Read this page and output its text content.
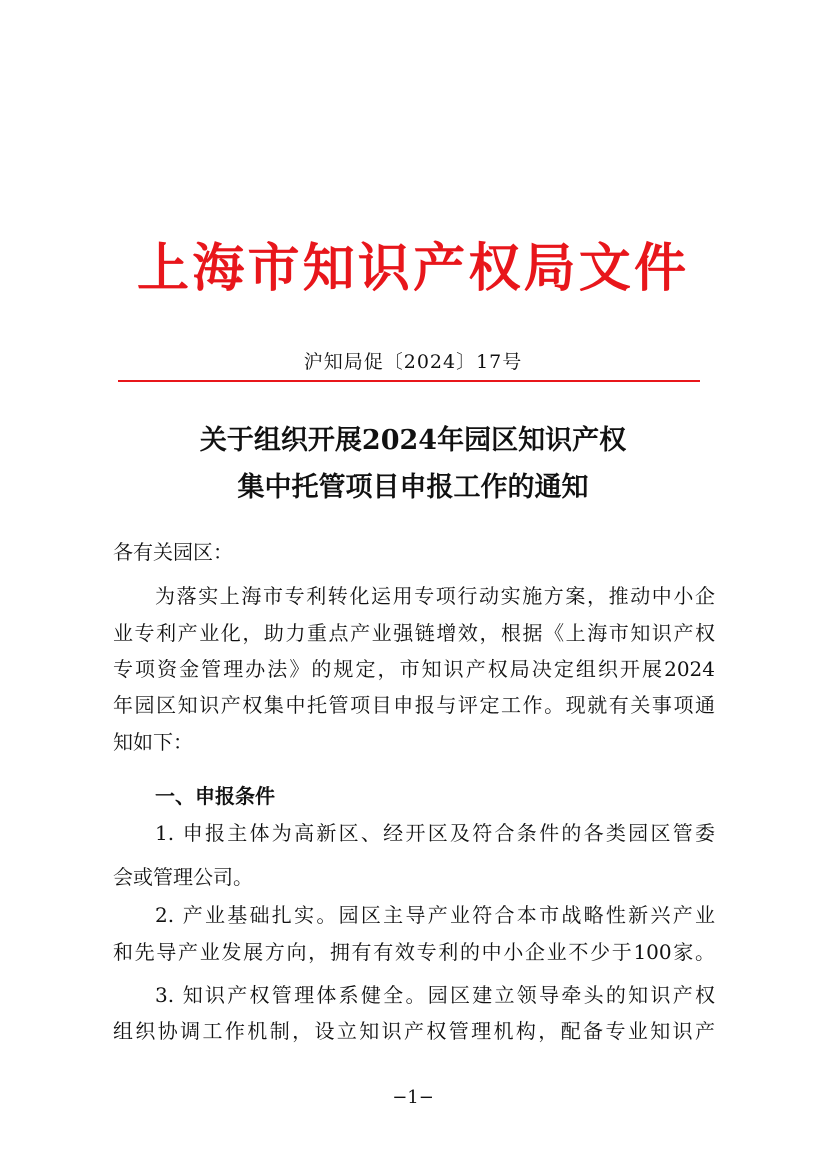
上海市知识产权局文件
沪知局促〔2024〕17号
关于组织开展2024年园区知识产权
集中托管项目申报工作的通知
各有关园区：
为落实上海市专利转化运用专项行动实施方案，推动中小企
业专利产业化，助力重点产业强链增效，根据《上海市知识产权
专项资金管理办法》的规定，市知识产权局决定组织开展2024
年园区知识产权集中托管项目申报与评定工作。现就有关事项通
知如下：
一、申报条件
1. 申报主体为高新区、经开区及符合条件的各类园区管委
会或管理公司。
2. 产业基础扎实。园区主导产业符合本市战略性新兴产业
和先导产业发展方向，拥有有效专利的中小企业不少于100家。
3. 知识产权管理体系健全。园区建立领导牵头的知识产权
组织协调工作机制，设立知识产权管理机构，配备专业知识产
−1−
